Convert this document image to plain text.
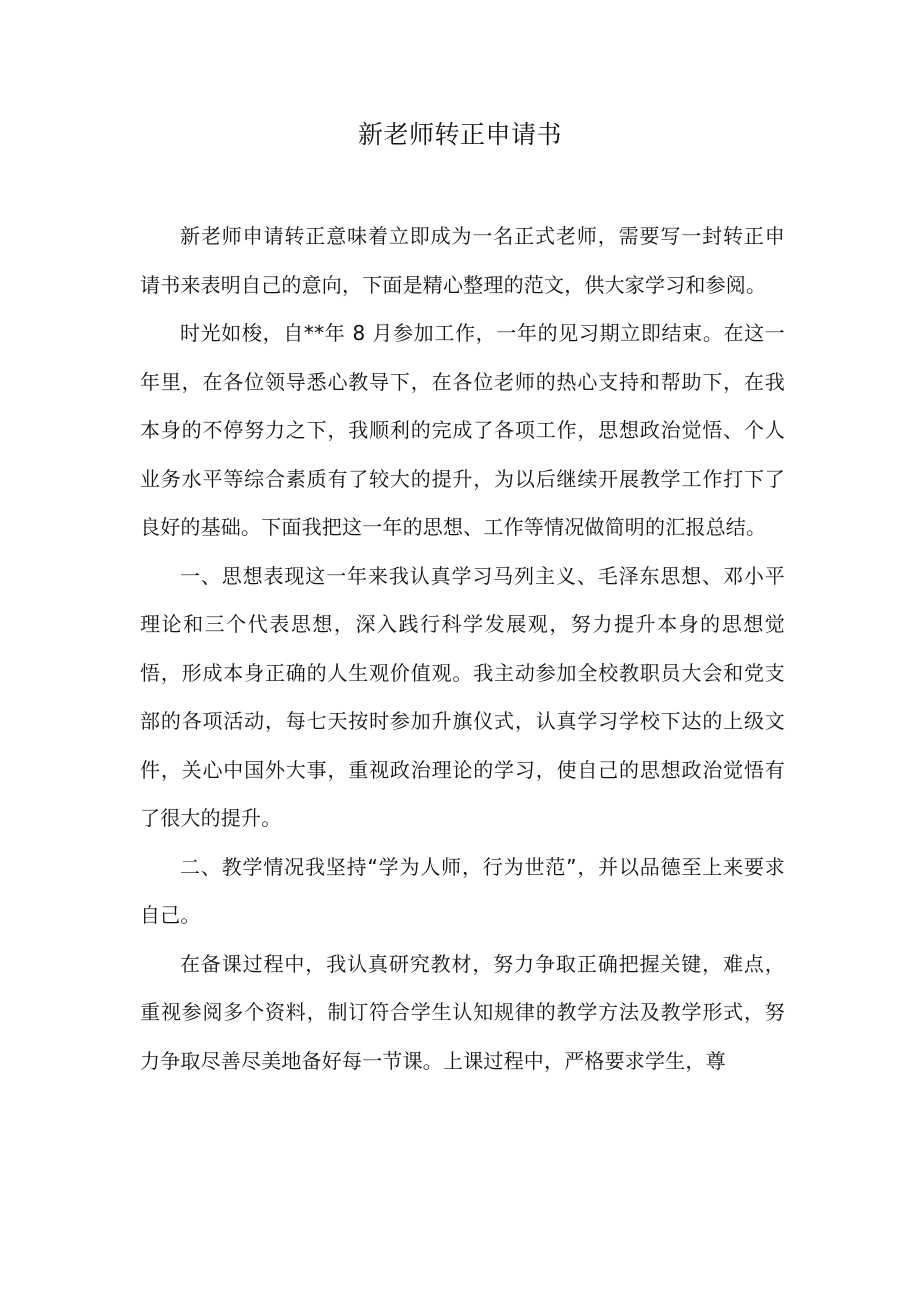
新老师转正申请书

新老师申请转正意味着立即成为一名正式老师，需要写一封转正申请书来表明自己的意向，下面是精心整理的范文，供大家学习和参阅。

时光如梭，自**年 8 月参加工作，一年的见习期立即结束。在这一年里，在各位领导悉心教导下，在各位老师的热心支持和帮助下，在我本身的不停努力之下，我顺利的完成了各项工作，思想政治觉悟、个人业务水平等综合素质有了较大的提升，为以后继续开展教学工作打下了良好的基础。下面我把这一年的思想、工作等情况做简明的汇报总结。

一、思想表现这一年来我认真学习马列主义、毛泽东思想、邓小平理论和三个代表思想，深入践行科学发展观，努力提升本身的思想觉悟，形成本身正确的人生观价值观。我主动参加全校教职员大会和党支部的各项活动，每七天按时参加升旗仪式，认真学习学校下达的上级文件，关心中国外大事，重视政治理论的学习，使自己的思想政治觉悟有了很大的提升。

二、教学情况我坚持“学为人师，行为世范”，并以品德至上来要求自己。

在备课过程中，我认真研究教材，努力争取正确把握关键，难点，重视参阅多个资料，制订符合学生认知规律的教学方法及教学形式，努力争取尽善尽美地备好每一节课。上课过程中，严格要求学生，尊
